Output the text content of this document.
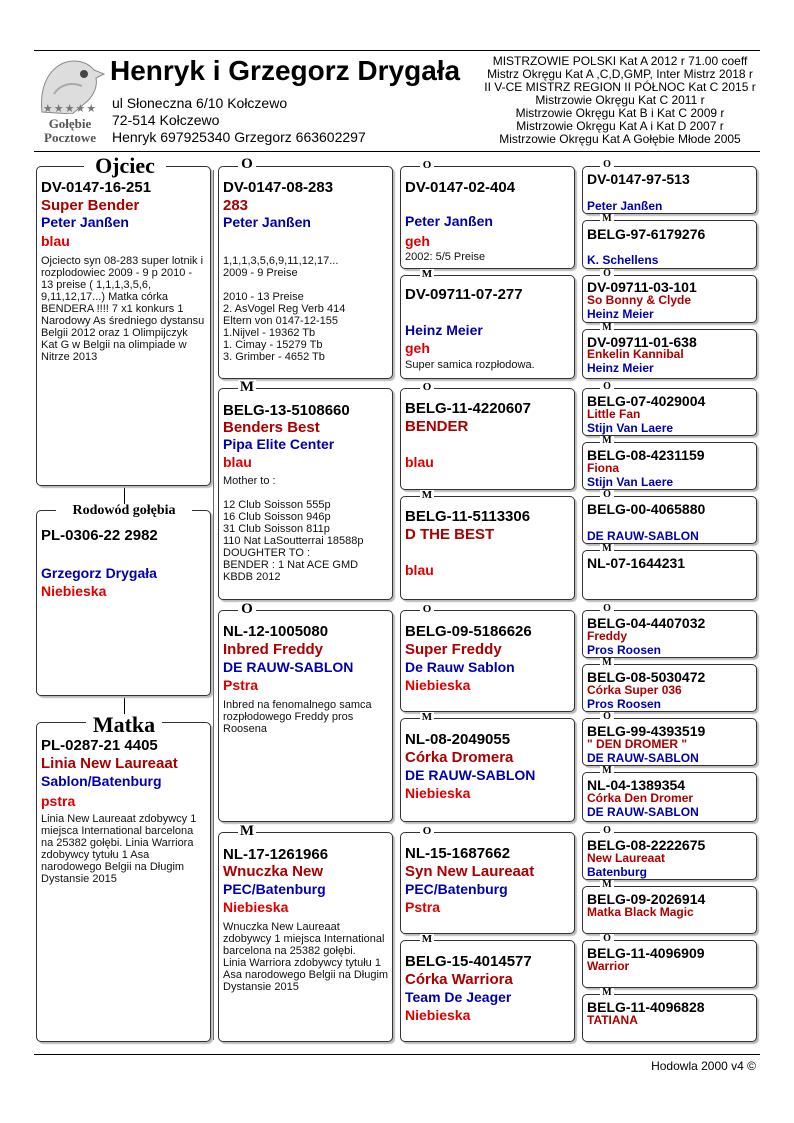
★★★★★
Gołębie
Pocztowe
Henryk i Grzegorz Drygała
ul Słoneczna 6/10 Kołczewo
72-514 Kołczewo
Henryk 697925340 Grzegorz 663602297
MISTRZOWIE POLSKI Kat A 2012 r 71.00 coeff
Mistrz Okręgu Kat A ,C,D,GMP, Inter Mistrz 2018 r
II V-CE MISTRZ REGION II PÓŁNOC Kat C 2015 r
Mistrzowie Okręgu Kat C 2011 r
Mistrzowie Okręgu Kat B i Kat C 2009 r
Mistrzowie Okręgu Kat A i Kat D 2007 r
Mistrzowie Okręgu Kat A Gołębie Młode 2005
DV-0147-16-251
Super Bender
Peter Janßen
blau
Ojciecto syn 08-283 super lotnik i rozplodowiec 2009 - 9 p 2010 - 13 preise ( 1,1,1,3,5,6, 9,11,12,17...) Matka córka BENDERA !!!! 7 x1 konkurs 1 Narodowy As średniego dystansu Belgii 2012 oraz 1 Olimpijczyk Kat G w Belgii na olimpiade w Nitrze 2013
Ojciec
PL-0306-22 2982
Grzegorz Drygała
Niebieska
Rodowód gołębia
PL-0287-21 4405
Linia New Laureaat
Sablon/Batenburg
pstra
Linia New Laureaat zdobywcy 1 miejsca International barcelona na 25382 gołębi. Linia Warriora zdobywcy tytułu 1 Asa narodowego Belgii na Długim Dystansie 2015
Matka
DV-0147-08-283
283
Peter Janßen
1,1,1,3,5,6,9,11,12,17...
2009 - 9 Preise

2010 - 13 Preise
2. AsVogel Reg Verb 414
Eltern von 0147-12-155
1.Nijvel - 19362 Tb
1. Cimay - 15279 Tb
3. Grimber - 4652 Tb
O
BELG-13-5108660
Benders Best
Pipa Elite Center
blau
Mother to :

12 Club Soisson 555p
16 Club Soisson 946p
31 Club Soisson 811p
110 Nat LaSoutterrai 18588p
DOUGHTER TO :
BENDER : 1 Nat ACE GMD KBDB 2012
M
NL-12-1005080
Inbred Freddy
DE RAUW-SABLON
Pstra
Inbred na fenomalnego samca rozpłodowego Freddy pros Roosena
O
NL-17-1261966
Wnuczka New
PEC/Batenburg
Niebieska
Wnuczka New Laureaat zdobywcy 1 miejsca International barcelona na 25382 gołębi.
Linia Warriora zdobywcy tytułu 1 Asa narodowego Belgii na Długim Dystansie 2015
M
DV-0147-02-404
Peter Janßen
geh
2002: 5/5 Preise
O
DV-09711-07-277
Heinz Meier
geh
Super samica rozpłodowa.
M
BELG-11-4220607
BENDER
blau
O
BELG-11-5113306
D THE BEST
blau
M
BELG-09-5186626
Super Freddy
De Rauw Sablon
Niebieska
O
NL-08-2049055
Córka Dromera
DE RAUW-SABLON
Niebieska
M
NL-15-1687662
Syn New Laureaat
PEC/Batenburg
Pstra
O
BELG-15-4014577
Córka Warriora
Team De Jeager
Niebieska
M
DV-0147-97-513
Peter Janßen
O
BELG-97-6179276
K. Schellens
M
DV-09711-03-101
So Bonny & Clyde
Heinz Meier
O
DV-09711-01-638
Enkelin Kannibal
Heinz Meier
M
BELG-07-4029004
Little Fan
Stijn Van Laere
O
BELG-08-4231159
Fiona
Stijn Van Laere
M
BELG-00-4065880
DE RAUW-SABLON
O
NL-07-1644231
M
BELG-04-4407032
Freddy
Pros Roosen
O
BELG-08-5030472
Córka Super 036
Pros Roosen
M
BELG-99-4393519
" DEN DROMER "
DE RAUW-SABLON
O
NL-04-1389354
Córka Den Dromer
DE RAUW-SABLON
M
BELG-08-2222675
New Laureaat
Batenburg
O
BELG-09-2026914
Matka Black Magic
M
BELG-11-4096909
Warrior
O
BELG-11-4096828
TATIANA
M
Hodowla 2000 v4 ©
